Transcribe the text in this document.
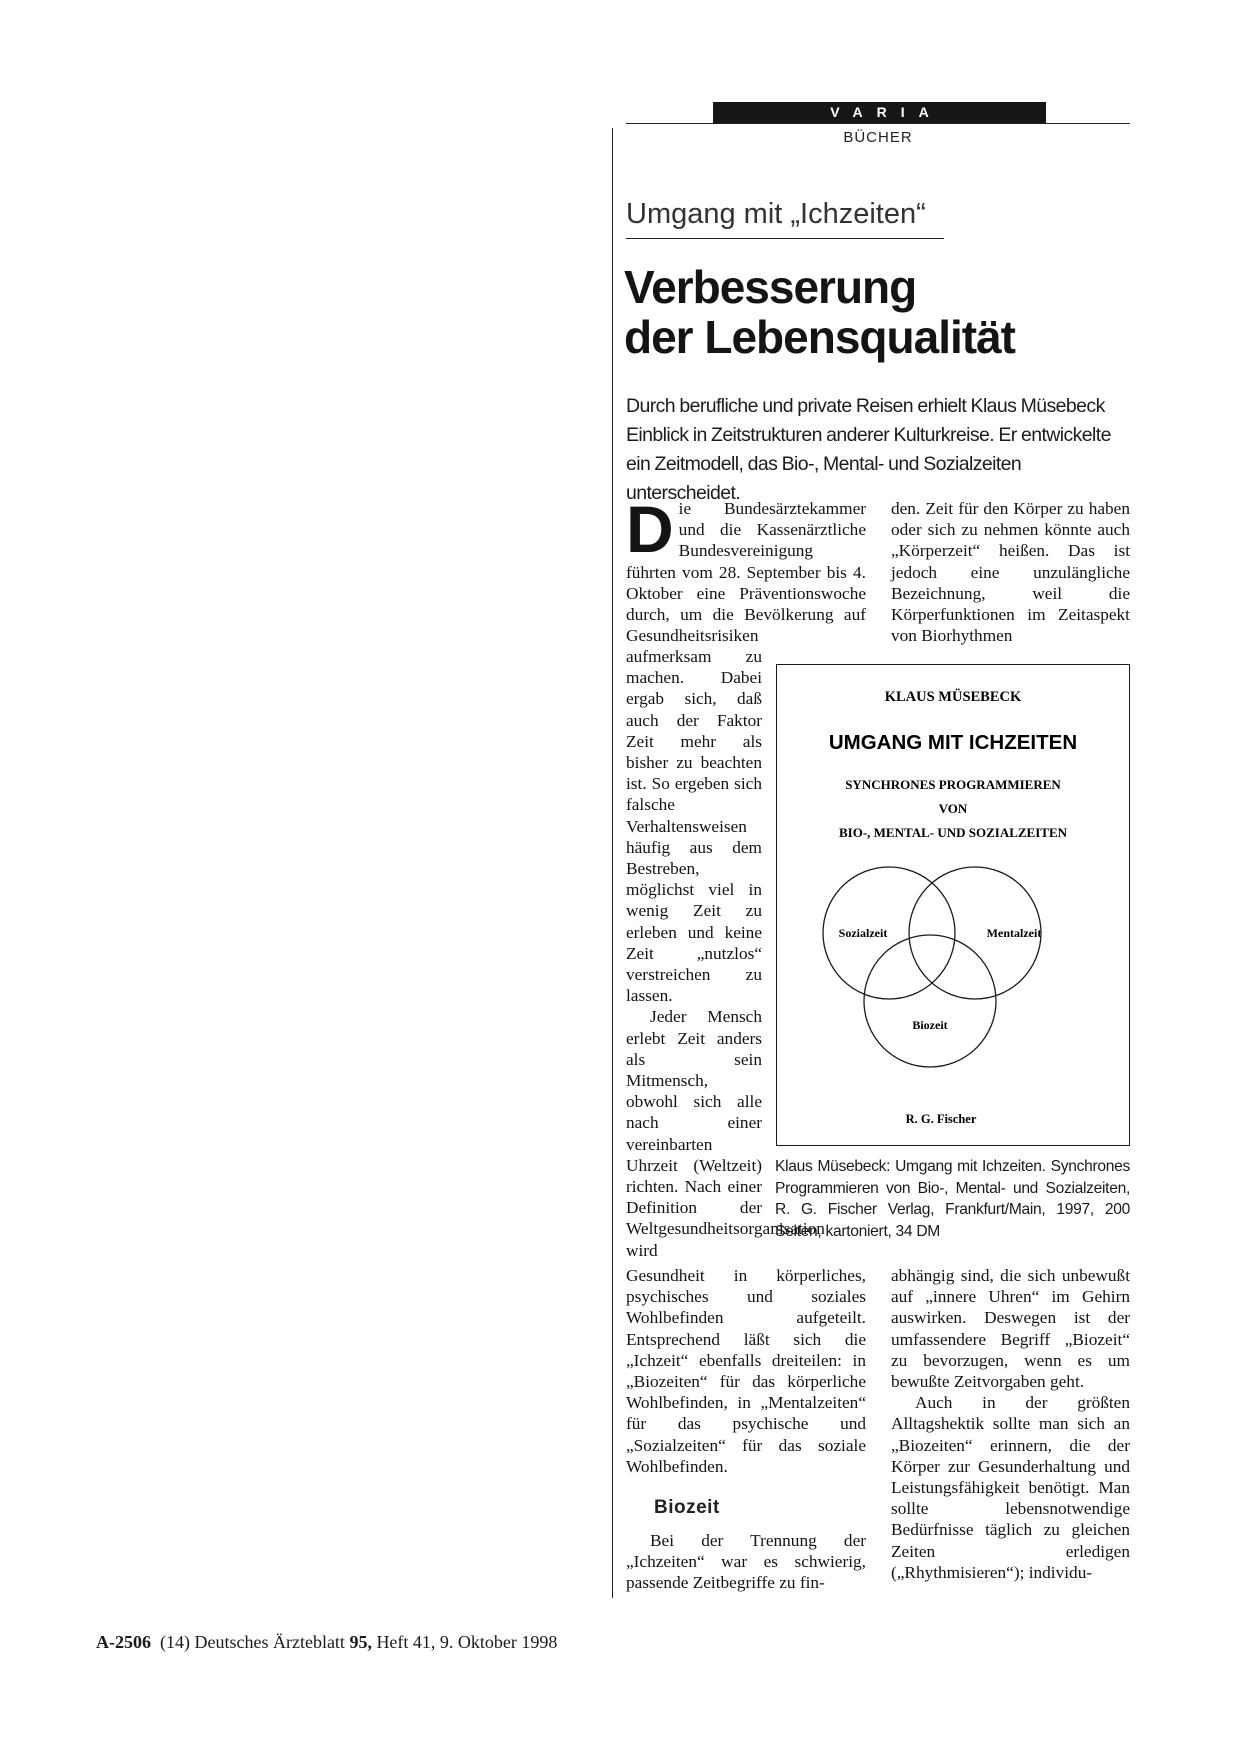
VARIA
BÜCHER
Umgang mit „Ichzeiten“
Verbesserung
der Lebensqualität
Durch berufliche und private Reisen erhielt Klaus Müsebeck Einblick in Zeitstrukturen anderer Kulturkreise. Er entwickelte ein Zeitmodell, das Bio-, Mental- und Sozialzeiten unterscheidet.
D ie Bundesärztekammer und die Kassenärztliche Bundesvereinigung führten vom 28. September bis 4. Oktober eine Präventionswoche durch, um die Bevölkerung auf Gesundheitsrisiken

aufmerksam zu machen. Dabei ergab sich, daß auch der Faktor Zeit mehr als bisher zu beachten ist. So ergeben sich falsche Verhaltensweisen häufig aus dem Bestreben, möglichst viel in wenig Zeit zu erleben und keine Zeit „nutzlos“ verstreichen zu lassen.

Jeder Mensch erlebt Zeit anders als sein Mitmensch, obwohl sich alle nach einer vereinbarten Uhrzeit (Weltzeit) richten. Nach einer Definition der Weltgesundheitsorganisation wird

Gesundheit in körperliches, psychisches und soziales Wohlbefinden aufgeteilt. Entsprechend läßt sich die „Ichzeit“ ebenfalls dreiteilen: in „Biozeiten“ für das körperliche Wohlbefinden, in „Mentalzeiten“ für das psychische und „Sozialzeiten“ für das soziale Wohlbefinden.

Biozeit

Bei der Trennung der „Ichzeiten“ war es schwierig, passende Zeitbegriffe zu fin-

den. Zeit für den Körper zu haben oder sich zu nehmen könnte auch „Körperzeit“ heißen. Das ist jedoch eine unzulängliche Bezeichnung, weil die Körperfunktionen im Zeitaspekt von Biorhythmen

abhängig sind, die sich unbewußt auf „innere Uhren“ im Gehirn auswirken. Deswegen ist der umfassendere Begriff „Biozeit“ zu bevorzugen, wenn es um bewußte Zeitvorgaben geht.

Auch in der größten Alltagshektik sollte man sich an „Biozeiten“ erinnern, die der Körper zur Gesunderhaltung und Leistungsfähigkeit benötigt. Man sollte lebensnotwendige Bedürfnisse täglich zu gleichen Zeiten erledigen („Rhythmisieren“); individu-

KLAUS MÜSEBECK
UMGANG MIT ICHZEITEN
SYNCHRONES PROGRAMMIEREN
VON
BIO-, MENTAL- UND SOZIALZEITEN
Sozialzeit	Mentalzeit
Biozeit
R. G. Fischer
Klaus Müsebeck: Umgang mit Ichzeiten. Synchrones Programmieren von Bio-, Mental- und Sozialzeiten, R. G. Fischer Verlag, Frankfurt/Main, 1997, 200 Seiten, kartoniert, 34 DM
A-2506 (14) Deutsches Ärzteblatt 95, Heft 41, 9. Oktober 1998
